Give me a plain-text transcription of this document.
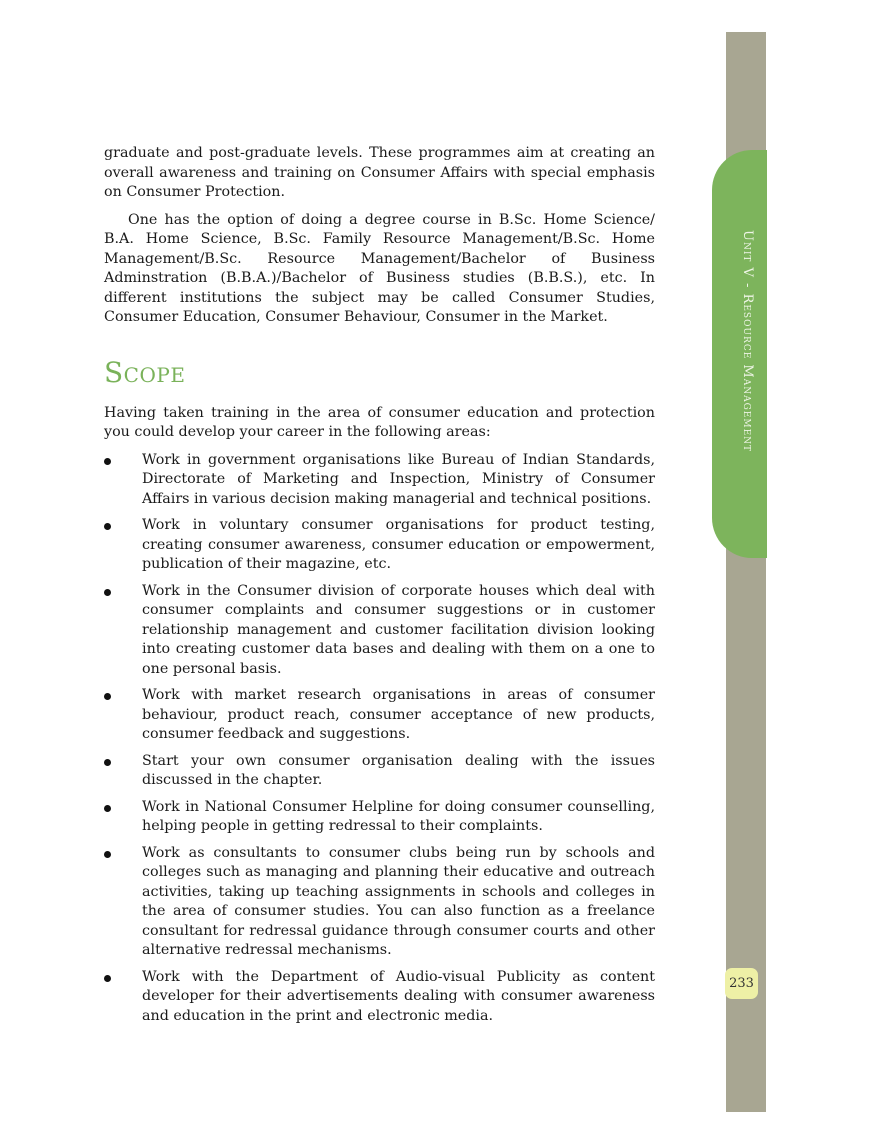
Unit V - Resource Management
233

graduate and post-graduate levels. These programmes aim at creating an overall awareness and training on Consumer Affairs with special emphasis on Consumer Protection.

One has the option of doing a degree course in B.Sc. Home Science/ B.A. Home Science, B.Sc. Family Resource Management/B.Sc. Home Management/B.Sc. Resource Management/Bachelor of Business Adminstration (B.B.A.)/Bachelor of Business studies (B.B.S.), etc. In different institutions the subject may be called Consumer Studies, Consumer Education, Consumer Behaviour, Consumer in the Market.

Scope

Having taken training in the area of consumer education and protection you could develop your career in the following areas:

Work in government organisations like Bureau of Indian Standards, Directorate of Marketing and Inspection, Ministry of Consumer Affairs in various decision making managerial and technical positions.
Work in voluntary consumer organisations for product testing, creating consumer awareness, consumer education or empowerment, publication of their magazine, etc.
Work in the Consumer division of corporate houses which deal with consumer complaints and consumer suggestions or in customer relationship management and customer facilitation division looking into creating customer data bases and dealing with them on a one to one personal basis.
Work with market research organisations in areas of consumer behaviour, product reach, consumer acceptance of new products, consumer feedback and suggestions.
Start your own consumer organisation dealing with the issues discussed in the chapter.
Work in National Consumer Helpline for doing consumer counselling, helping people in getting redressal to their complaints.
Work as consultants to consumer clubs being run by schools and colleges such as managing and planning their educative and outreach activities, taking up teaching assignments in schools and colleges in the area of consumer studies. You can also function as a freelance consultant for redressal guidance through consumer courts and other alternative redressal mechanisms.
Work with the Department of Audio-visual Publicity as content developer for their advertisements dealing with consumer awareness and education in the print and electronic media.
